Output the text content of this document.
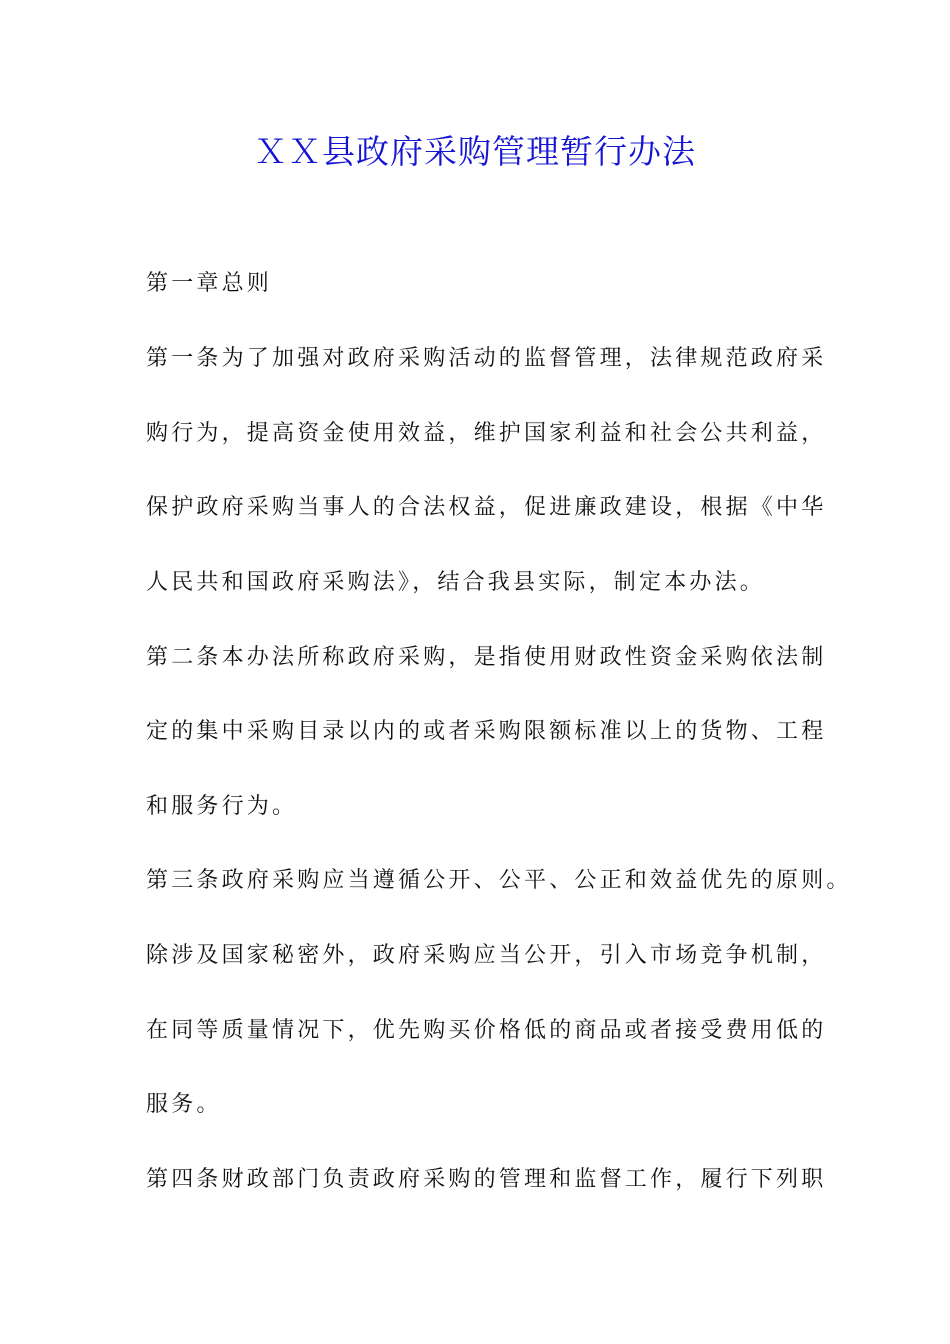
ＸＸ县政府采购管理暂行办法

第一章总则

第一条为了加强对政府采购活动的监督管理，法律规范政府采

购行为，提高资金使用效益，维护国家利益和社会公共利益，

保护政府采购当事人的合法权益，促进廉政建设，根据《中华

人民共和国政府采购法》，结合我县实际，制定本办法。

第二条本办法所称政府采购，是指使用财政性资金采购依法制

定的集中采购目录以内的或者采购限额标准以上的货物、工程

和服务行为。

第三条政府采购应当遵循公开、公平、公正和效益优先的原则。

除涉及国家秘密外，政府采购应当公开，引入市场竞争机制，

在同等质量情况下，优先购买价格低的商品或者接受费用低的

服务。

第四条财政部门负责政府采购的管理和监督工作，履行下列职
